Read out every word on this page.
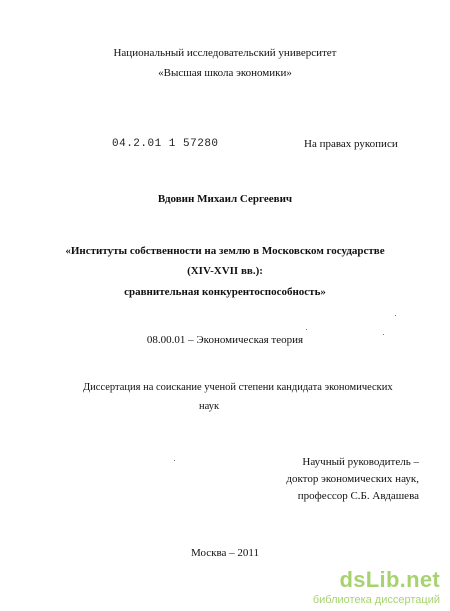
Национальный исследовательский университет
«Высшая школа экономики»
04.2.01 1 57280	На правах рукописи
Вдовин Михаил Сергеевич
«Институты собственности на землю в Московском государстве
(XIV-XVII вв.):
сравнительная конкурентоспособность»
08.00.01 – Экономическая теория
Диссертация на соискание ученой степени кандидата экономических
наук
Научный руководитель –
доктор экономических наук,
профессор С.Б. Авдашева
Москва – 2011
dsLib.net
библиотека диссертаций
